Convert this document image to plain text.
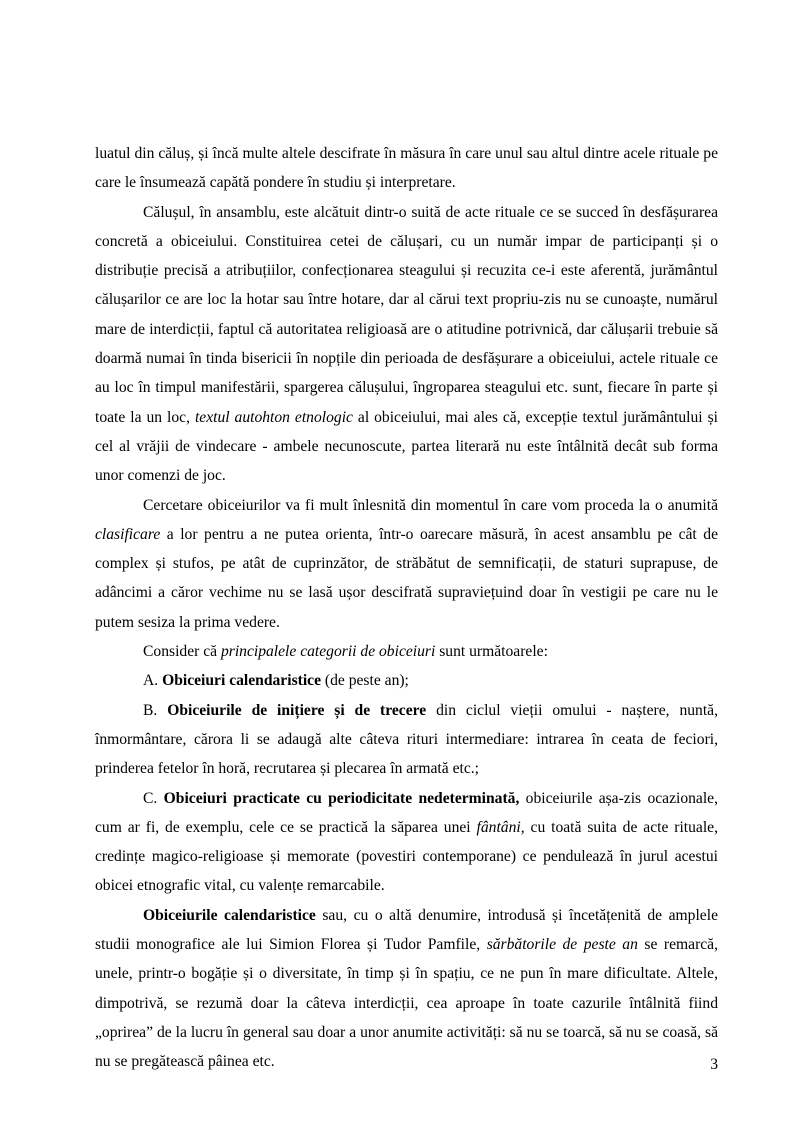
luatul din căluș, și încă multe altele descifrate în măsura în care unul sau altul dintre acele rituale pe care le însumează capătă pondere în studiu și interpretare.

Călușul, în ansamblu, este alcătuit dintr-o suită de acte rituale ce se succed în desfășurarea concretă a obiceiului. Constituirea cetei de călușari, cu un număr impar de participanți și o distribuție precisă a atribuțiilor, confecționarea steagului și recuzita ce-i este aferentă, jurământul călușarilor ce are loc la hotar sau între hotare, dar al cărui text propriu-zis nu se cunoaște, numărul mare de interdicții, faptul că autoritatea religioasă are o atitudine potrivnică, dar călușarii trebuie să doarmă numai în tinda bisericii în nopțile din perioada de desfășurare a obiceiului, actele rituale ce au loc în timpul manifestării, spargerea călușului, îngroparea steagului etc. sunt, fiecare în parte și toate la un loc, textul autohton etnologic al obiceiului, mai ales că, excepție textul jurământului și cel al vrăjii de vindecare - ambele necunoscute, partea literară nu este întâlnită decât sub forma unor comenzi de joc.

Cercetare obiceiurilor va fi mult înlesnită din momentul în care vom proceda la o anumită clasificare a lor pentru a ne putea orienta, într-o oarecare măsură, în acest ansamblu pe cât de complex și stufos, pe atât de cuprinzător, de străbătut de semnificații, de staturi suprapuse, de adâncimi a căror vechime nu se lasă ușor descifrată supraviețuind doar în vestigii pe care nu le putem sesiza la prima vedere.

Consider că principalele categorii de obiceiuri sunt următoarele:

A. Obiceiuri calendaristice (de peste an);

B. Obiceiurile de inițiere și de trecere din ciclul vieții omului - naștere, nuntă, înmormântare, cărora li se adaugă alte câteva rituri intermediare: intrarea în ceata de feciori, prinderea fetelor în horă, recrutarea și plecarea în armată etc.;

C. Obiceiuri practicate cu periodicitate nedeterminată, obiceiurile așa-zis ocazionale, cum ar fi, de exemplu, cele ce se practică la săparea unei fântâni, cu toată suita de acte rituale, credințe magico-religioase și memorate (povestiri contemporane) ce pendulează în jurul acestui obicei etnografic vital, cu valențe remarcabile.

Obiceiurile calendaristice sau, cu o altă denumire, introdusă și încetățenită de amplele studii monografice ale lui Simion Florea și Tudor Pamfile, sărbătorile de peste an se remarcă, unele, printr-o bogăție și o diversitate, în timp și în spațiu, ce ne pun în mare dificultate. Altele, dimpotrivă, se rezumă doar la câteva interdicții, cea aproape în toate cazurile întâlnită fiind „oprirea” de la lucru în general sau doar a unor anumite activități: să nu se toarcă, să nu se coasă, să nu se pregătească pâinea etc.	3
